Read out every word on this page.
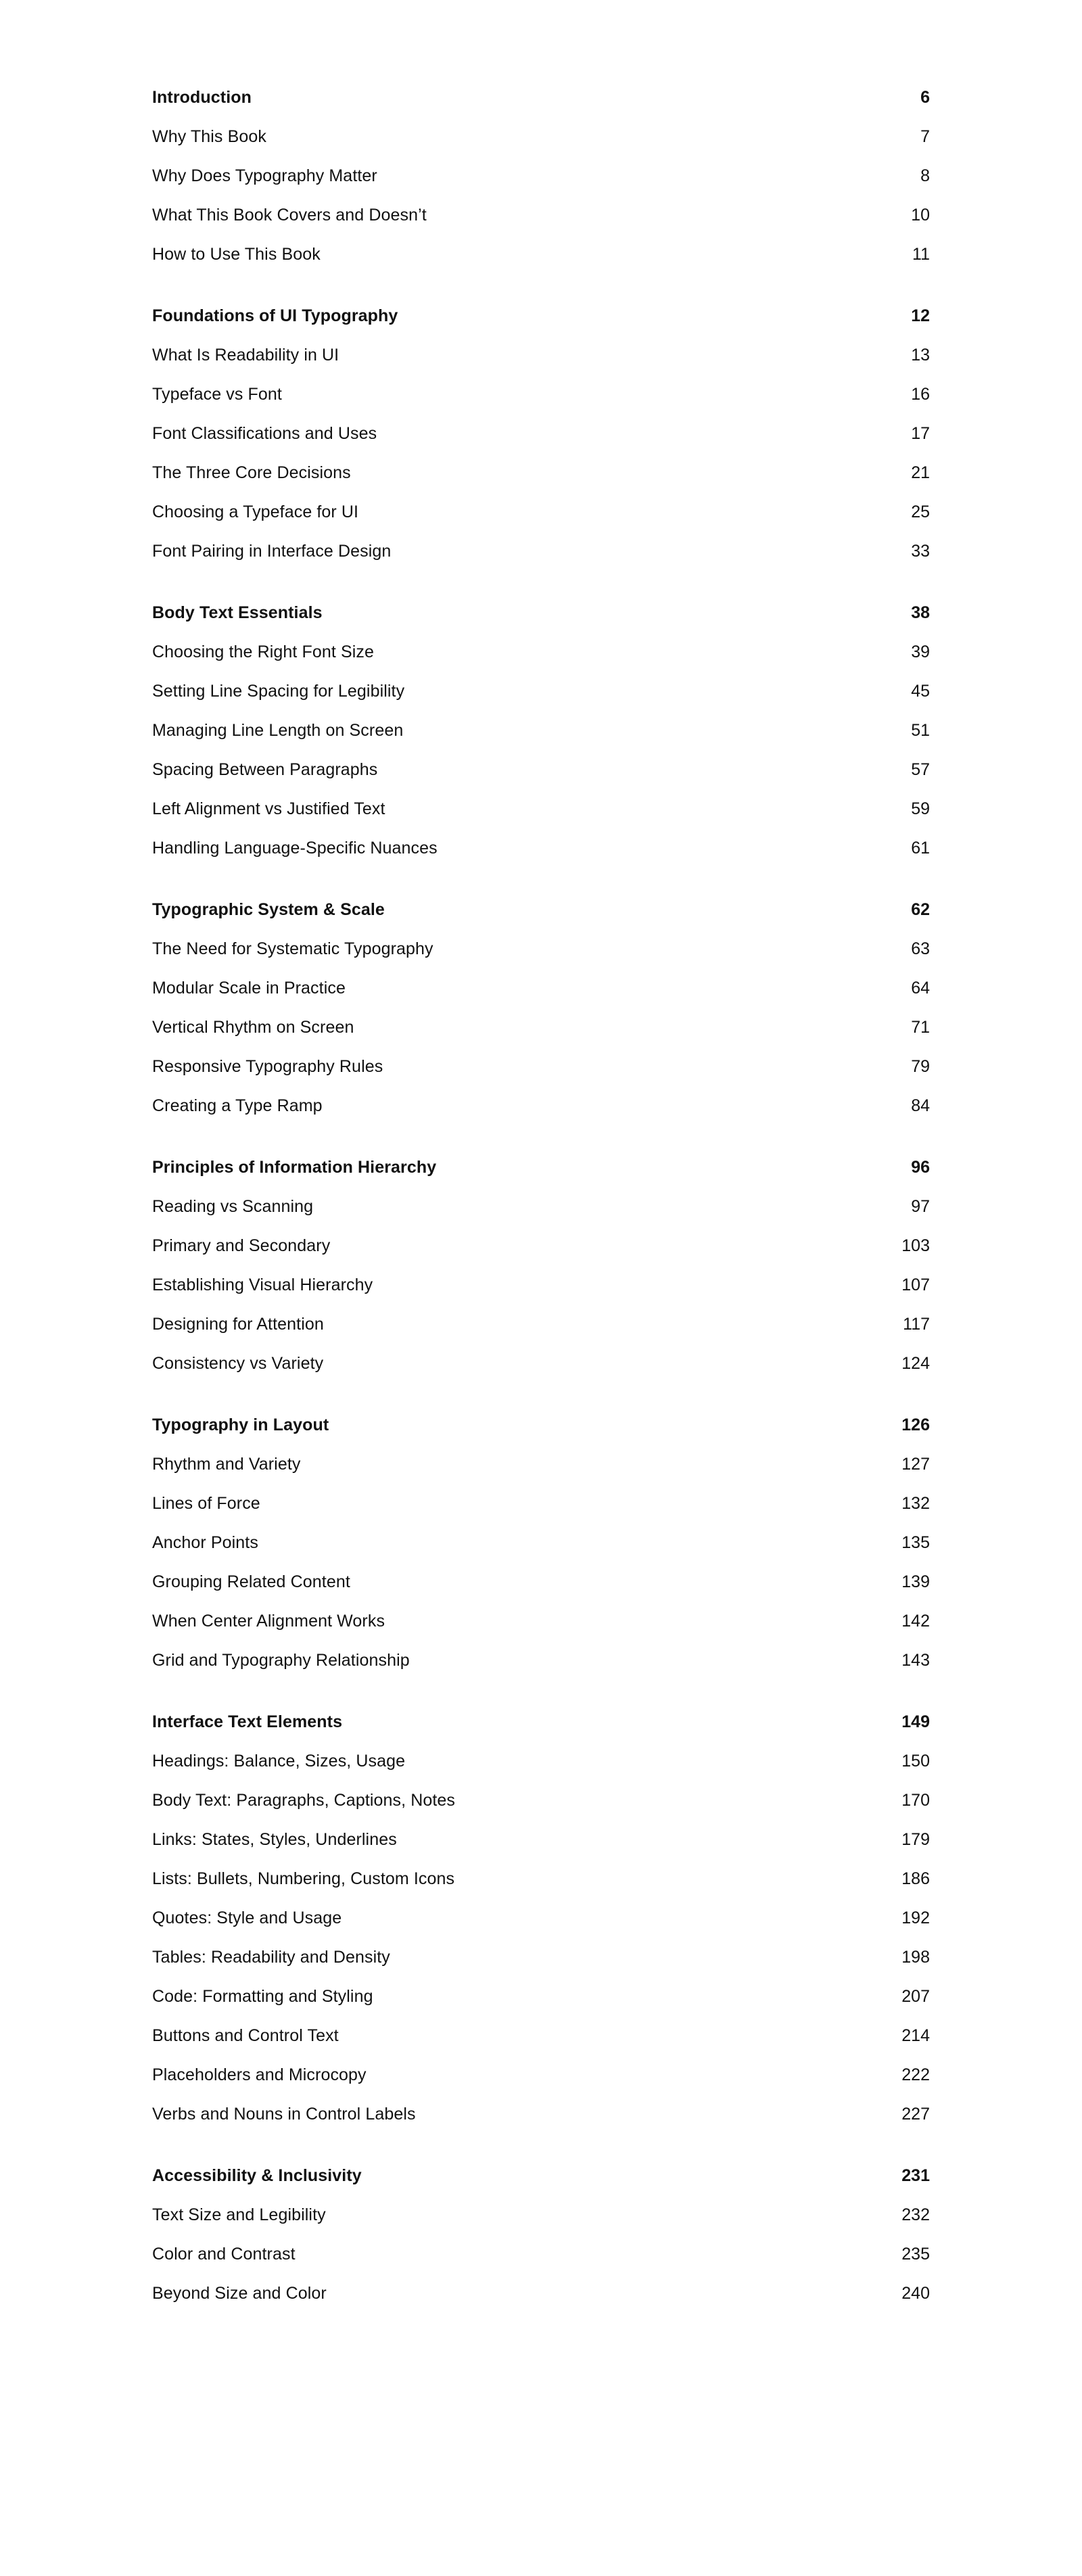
Introduction . . .	6
Why This Book . . .	7
Why Does Typography Matter . . .	8
What This Book Covers and Doesn’t . . .	10
How to Use This Book . . .	11
Foundations of UI Typography . . .	12
What Is Readability in UI . . .	13
Typeface vs Font . . .	16
Font Classifications and Uses . . .	17
The Three Core Decisions . . .	21
Choosing a Typeface for UI . . .	25
Font Pairing in Interface Design . . .	33
Body Text Essentials . . .	38
Choosing the Right Font Size . . .	39
Setting Line Spacing for Legibility . . .	45
Managing Line Length on Screen . . .	51
Spacing Between Paragraphs . . .	57
Left Alignment vs Justified Text . . .	59
Handling Language-Specific Nuances . . .	61
Typographic System & Scale . . .	62
The Need for Systematic Typography . . .	63
Modular Scale in Practice . . .	64
Vertical Rhythm on Screen . . .	71
Responsive Typography Rules . . .	79
Creating a Type Ramp . . .	84
Principles of Information Hierarchy . . .	96
Reading vs Scanning . . .	97
Primary and Secondary . . .	103
Establishing Visual Hierarchy . . .	107
Designing for Attention . . .	117
Consistency vs Variety . . .	124
Typography in Layout . . .	126
Rhythm and Variety . . .	127
Lines of Force . . .	132
Anchor Points . . .	135
Grouping Related Content . . .	139
When Center Alignment Works . . .	142
Grid and Typography Relationship . . .	143
Interface Text Elements . . .	149
Headings: Balance, Sizes, Usage . . .	150
Body Text: Paragraphs, Captions, Notes . . .	170
Links: States, Styles, Underlines . . .	179
Lists: Bullets, Numbering, Custom Icons . . .	186
Quotes: Style and Usage . . .	192
Tables: Readability and Density . . .	198
Code: Formatting and Styling . . .	207
Buttons and Control Text . . .	214
Placeholders and Microcopy . . .	222
Verbs and Nouns in Control Labels . . .	227
Accessibility & Inclusivity . . .	231
Text Size and Legibility . . .	232
Color and Contrast . . .	235
Beyond Size and Color . . .	240
